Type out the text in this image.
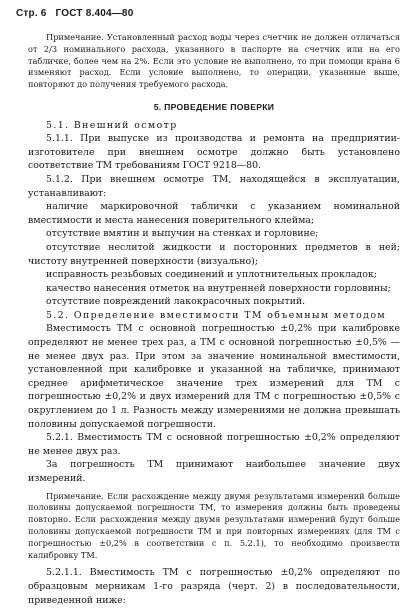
Стр. 6 ГОСТ 8.404—80

Примечание. Установленный расход воды через счетчик не должен отличаться от 2/3 номинального расхода, указанного в паспорте на счетчик или на его табличке, более чем на 2%. Если это условие не выполнено, то при помощи крана 6 изменяют расход. Если условие выполнено, то операции, указанные выше, повторяют до получения требуемого расхода.

5. ПРОВЕДЕНИЕ ПОВЕРКИ

5.1. Внешний осмотр

5.1.1. При выпуске из производства и ремонта на предприятии-изготовителе при внешнем осмотре должно быть установлено соответствие ТМ требованиям ГОСТ 9218—80.

5.1.2. При внешнем осмотре ТМ, находящейся в эксплуатации, устанавливают:

наличие маркировочной таблички с указанием номинальной вместимости и места нанесения поверительного клейма;

отсутствие вмятин и выпучин на стенках и горловине;

отсутствие неслитой жидкости и посторонних предметов в ней; чистоту внутренней поверхности (визуально);

исправность резьбовых соединений и уплотнительных прокладок;

качество нанесения отметок на внутренней поверхности горловины;

отсутствие повреждений лакокрасочных покрытий.

5.2. Определение вместимости ТМ объемным методом

Вместимость ТМ с основной погрешностью ±0,2% при калибровке определяют не менее трех раз, а ТМ с основной погрешностью ±0,5% — не менее двух раз. При этом за значение номинальной вместимости, установленной при калибровке и указанной на табличке, принимают среднее арифметическое значение трех измерений для ТМ с погрешностью ±0,2% и двух измерений для ТМ с погрешностью ±0,5% с округлением до 1 л. Разность между измерениями не должна превышать половины допускаемой погрешности.

5.2.1. Вместимость ТМ с основной погрешностью ±0,2% определяют не менее двух раз.

За погрешность ТМ принимают наибольшее значение двух измерений.

Примечание. Если расхождение между двумя результатами измерений больше половины допускаемой погрешности ТМ, то измерения должны быть проведены повторно. Если расхождения между двумя результатами измерений будут больше половины допускаемой погрешности ТМ и при повторных измерениях (для ТМ с погрешностью ±0,2% в соответствии с п. 5.2.1), то необходимо произвести калибровку ТМ.

5.2.1.1. Вместимость ТМ с погрешностью ±0,2% определяют по образцовым мерникам 1-го разряда (черт. 2) в последовательности, приведенной ниже:
